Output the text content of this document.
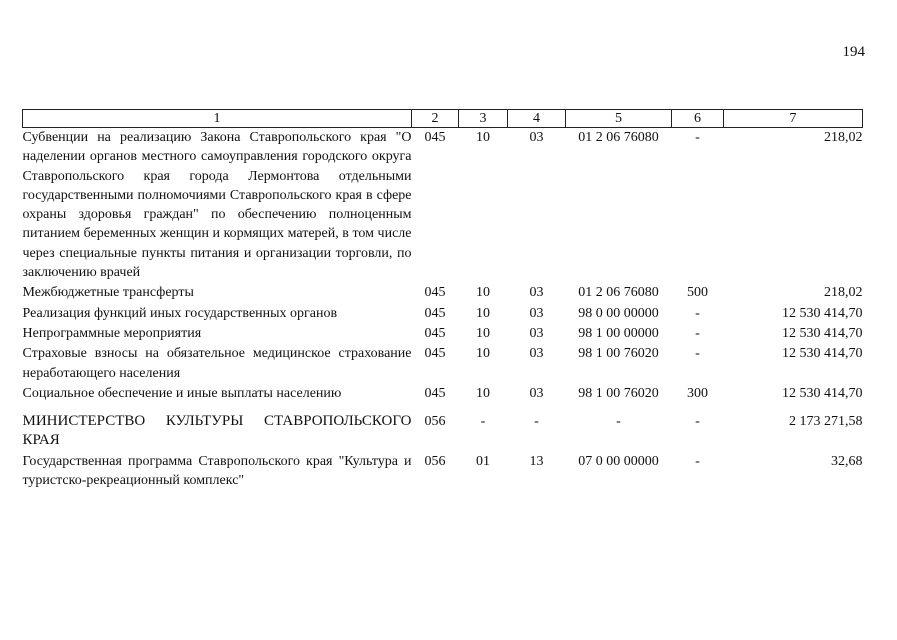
194
1	2	3	4	5	6	7
Субвенции на реализацию Закона Ставропольского края "О наделении органов местного самоуправления городского округа Ставропольского края города Лермонтова отдельными государственными полномочиями Ставропольского края в сфере охраны здоровья граждан" по обеспечению полноценным питанием беременных женщин и кормящих матерей, в том числе через специальные пункты питания и организации торговли, по заключению врачей	045	10	03	01 2 06 76080	-	218,02
Межбюджетные трансферты	045	10	03	01 2 06 76080	500	218,02
Реализация функций иных государственных органов	045	10	03	98 0 00 00000	-	12 530 414,70
Непрограммные мероприятия	045	10	03	98 1 00 00000	-	12 530 414,70
Страховые взносы на обязательное медицинское страхование неработающего населения	045	10	03	98 1 00 76020	-	12 530 414,70
Социальное обеспечение и иные выплаты населению	045	10	03	98 1 00 76020	300	12 530 414,70
МИНИСТЕРСТВО КУЛЬТУРЫ СТАВРОПОЛЬСКОГО КРАЯ	056	-	-	-	-	2 173 271,58
Государственная программа Ставропольского края "Культура и туристско-рекреационный комплекс"	056	01	13	07 0 00 00000	-	32,68
